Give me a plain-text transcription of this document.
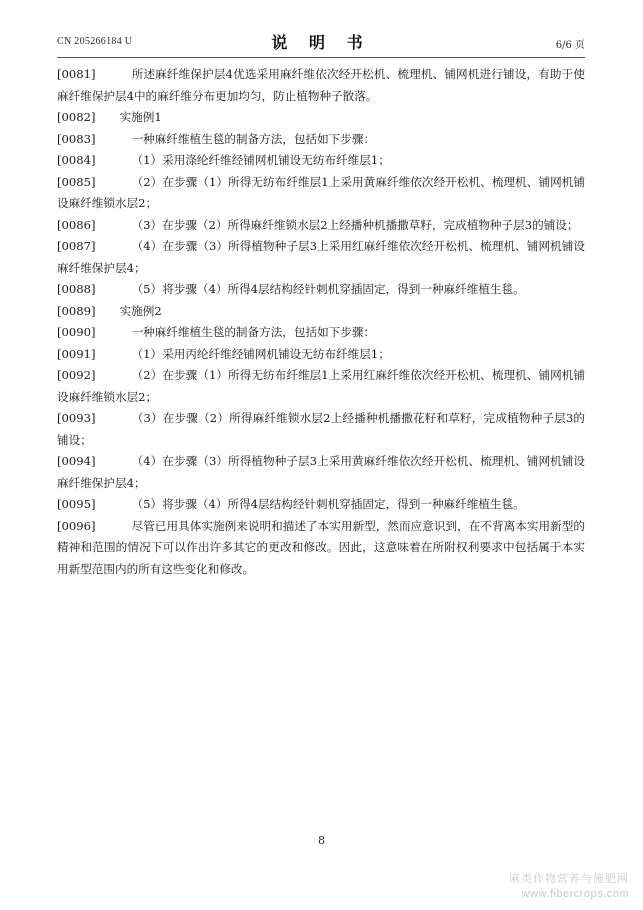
CN 205266184 U	说 明 书	6/6 页
[0081]	所述麻纤维保护层4优选采用麻纤维依次经开松机、梳理机、铺网机进行铺设，有助于使麻纤维保护层4中的麻纤维分布更加均匀，防止植物种子散落。
[0082] 实施例1
[0083]	一种麻纤维植生毯的制备方法，包括如下步骤：
[0084]	（1）采用涤纶纤维经铺网机铺设无纺布纤维层1；
[0085]	（2）在步骤（1）所得无纺布纤维层1上采用黄麻纤维依次经开松机、梳理机、铺网机铺设麻纤维锁水层2；
[0086]	（3）在步骤（2）所得麻纤维锁水层2上经播种机播撒草籽，完成植物种子层3的铺设；
[0087]	（4）在步骤（3）所得植物种子层3上采用红麻纤维依次经开松机、梳理机、铺网机铺设麻纤维保护层4；
[0088]	（5）将步骤（4）所得4层结构经针刺机穿插固定，得到一种麻纤维植生毯。
[0089] 实施例2
[0090]	一种麻纤维植生毯的制备方法，包括如下步骤：
[0091]	（1）采用丙纶纤维经铺网机铺设无纺布纤维层1；
[0092]	（2）在步骤（1）所得无纺布纤维层1上采用红麻纤维依次经开松机、梳理机、铺网机铺设麻纤维锁水层2；
[0093]	（3）在步骤（2）所得麻纤维锁水层2上经播种机播撒花籽和草籽，完成植物种子层3的铺设；
[0094]	（4）在步骤（3）所得植物种子层3上采用黄麻纤维依次经开松机、梳理机、铺网机铺设麻纤维保护层4；
[0095]	（5）将步骤（4）所得4层结构经针刺机穿插固定，得到一种麻纤维植生毯。
[0096]	尽管已用具体实施例来说明和描述了本实用新型，然而应意识到，在不背离本实用新型的精神和范围的情况下可以作出许多其它的更改和修改。因此，这意味着在所附权利要求中包括属于本实用新型范围内的所有这些变化和修改。
8
麻类作物营养与施肥网
www.fibercrops.com
